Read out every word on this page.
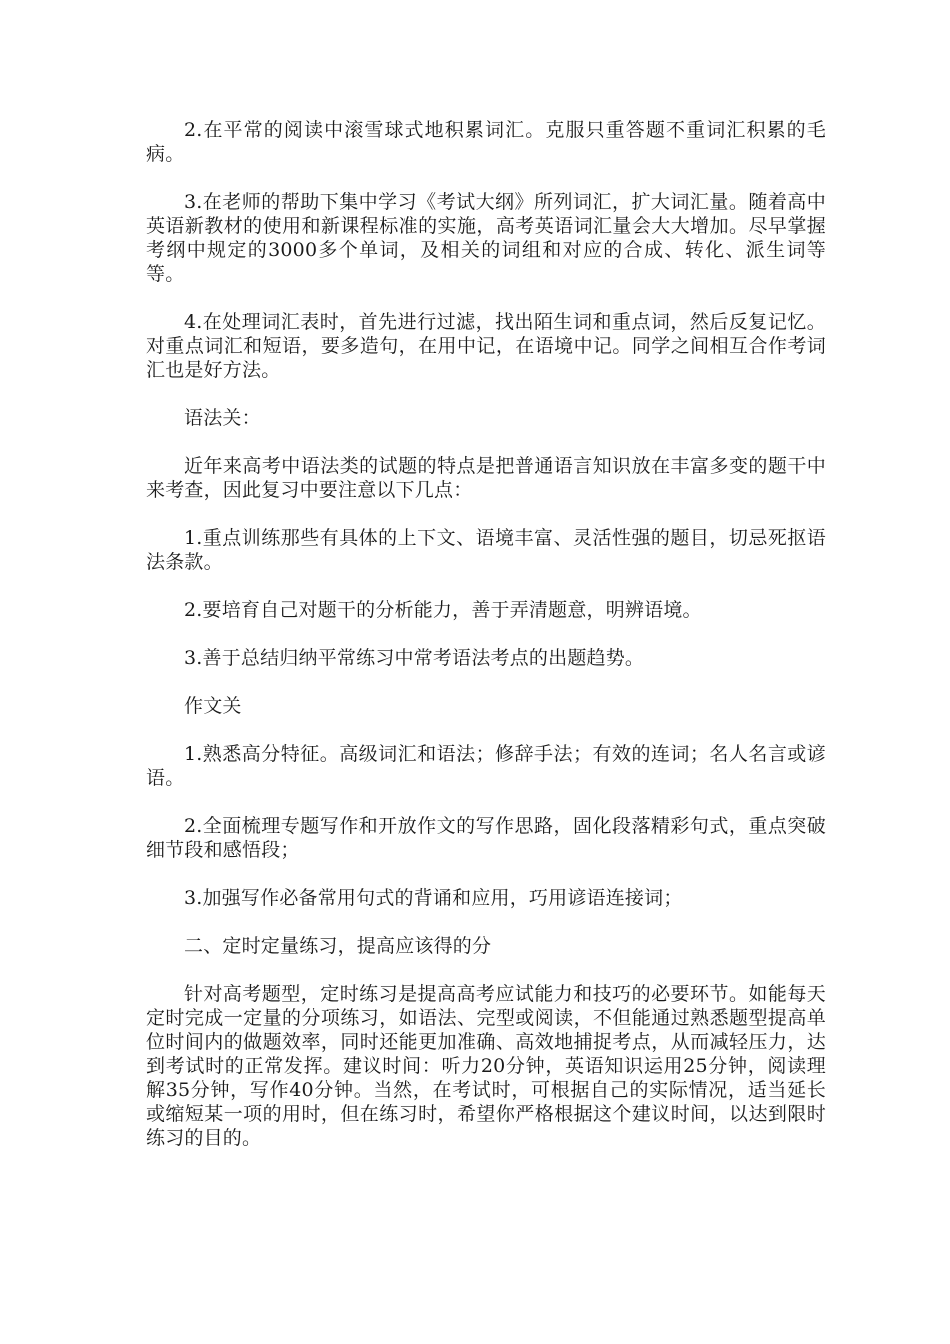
2.在平常的阅读中滚雪球式地积累词汇。克服只重答题不重词汇积累的毛病。

3.在老师的帮助下集中学习《考试大纲》所列词汇，扩大词汇量。随着高中英语新教材的使用和新课程标准的实施，高考英语词汇量会大大增加。尽早掌握考纲中规定的3000多个单词，及相关的词组和对应的合成、转化、派生词等等。

4.在处理词汇表时，首先进行过滤，找出陌生词和重点词，然后反复记忆。对重点词汇和短语，要多造句，在用中记，在语境中记。同学之间相互合作考词汇也是好方法。

语法关：

近年来高考中语法类的试题的特点是把普通语言知识放在丰富多变的题干中来考查，因此复习中要注意以下几点：

1.重点训练那些有具体的上下文、语境丰富、灵活性强的题目，切忌死抠语法条款。

2.要培育自己对题干的分析能力，善于弄清题意，明辨语境。

3.善于总结归纳平常练习中常考语法考点的出题趋势。

作文关

1.熟悉高分特征。高级词汇和语法；修辞手法；有效的连词；名人名言或谚语。

2.全面梳理专题写作和开放作文的写作思路，固化段落精彩句式，重点突破细节段和感悟段；

3.加强写作必备常用句式的背诵和应用，巧用谚语连接词；

二、定时定量练习，提高应该得的分

针对高考题型，定时练习是提高高考应试能力和技巧的必要环节。如能每天定时完成一定量的分项练习，如语法、完型或阅读，不但能通过熟悉题型提高单位时间内的做题效率，同时还能更加准确、高效地捕捉考点，从而减轻压力，达到考试时的正常发挥。建议时间：听力20分钟，英语知识运用25分钟，阅读理解35分钟，写作40分钟。当然，在考试时，可根据自己的实际情况，适当延长或缩短某一项的用时，但在练习时，希望你严格根据这个建议时间，以达到限时练习的目的。
